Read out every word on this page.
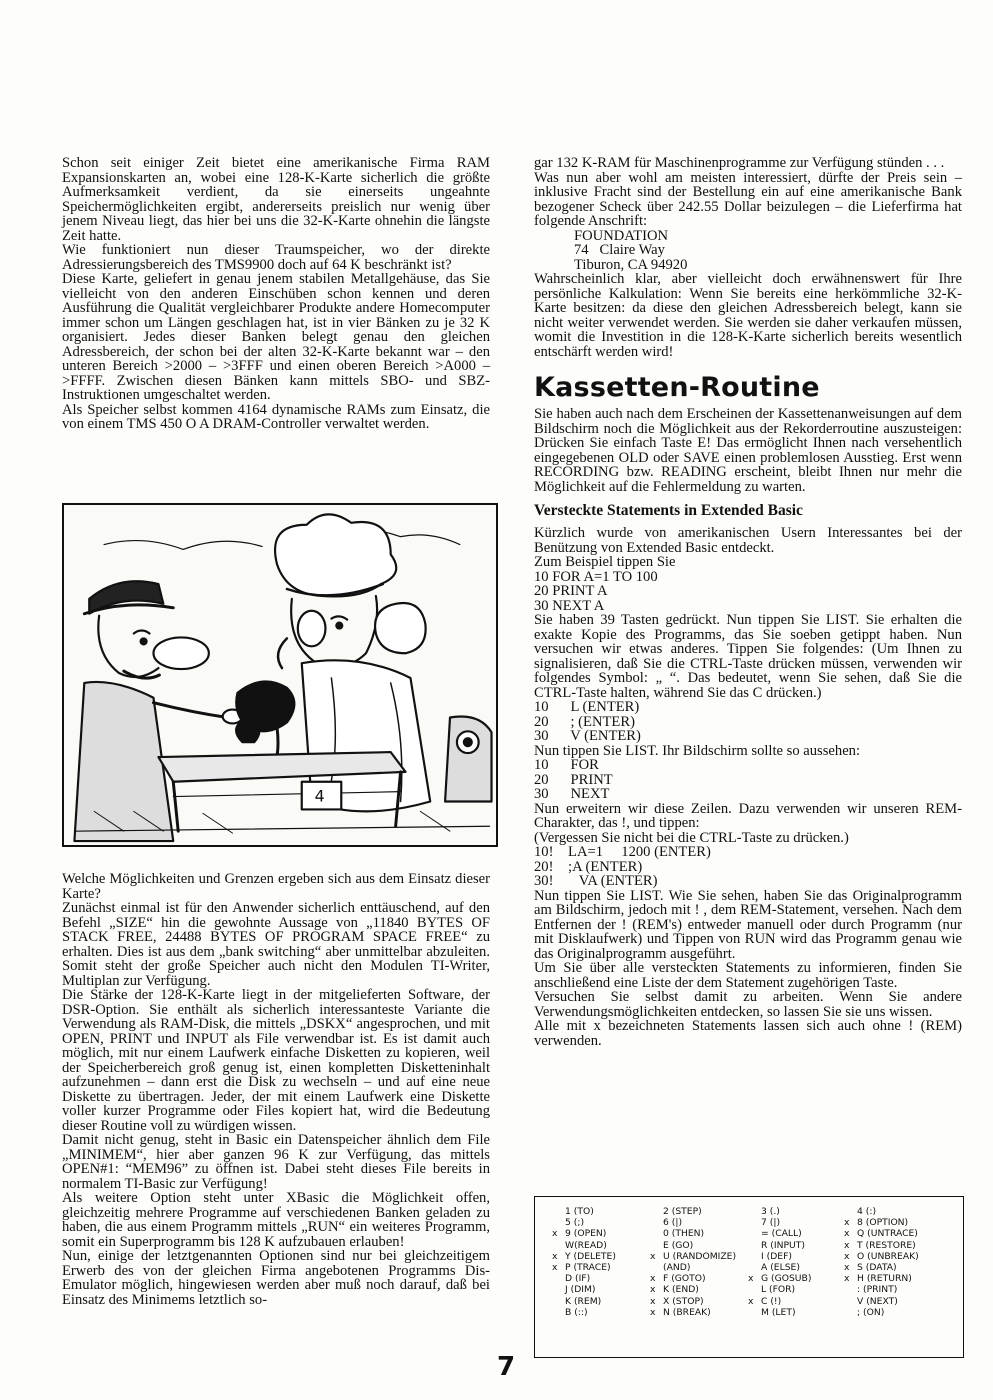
Schon seit einiger Zeit bietet eine amerikanische Firma RAM Expansionskarten an, wobei eine 128-K-Karte sicherlich die größte Aufmerksamkeit verdient, da sie einerseits ungeahnte Speichermöglichkeiten ergibt, andererseits preislich nur wenig über jenem Niveau liegt, das hier bei uns die 32-K-Karte ohnehin die längste Zeit hatte.

Wie funktioniert nun dieser Traumspeicher, wo der direkte Adressierungsbereich des TMS9900 doch auf 64 K beschränkt ist?

Diese Karte, geliefert in genau jenem stabilen Metallgehäuse, das Sie vielleicht von den anderen Einschüben schon kennen und deren Ausführung die Qualität vergleichbarer Produkte andere Homecomputer immer schon um Längen geschlagen hat, ist in vier Bänken zu je 32 K organisiert. Jedes dieser Banken belegt genau den gleichen Adressbereich, der schon bei der alten 32-K-Karte bekannt war – den unteren Bereich >2000 – >3FFF und einen oberen Bereich >A000 – >FFFF. Zwischen diesen Bänken kann mittels SBO- und SBZ-Instruktionen umgeschaltet werden.

Als Speicher selbst kommen 4164 dynamische RAMs zum Einsatz, die von einem TMS 450 O A DRAM-Controller verwaltet werden.

4

Welche Möglichkeiten und Grenzen ergeben sich aus dem Einsatz dieser Karte?

Zunächst einmal ist für den Anwender sicherlich enttäuschend, auf den Befehl „SIZE“ hin die gewohnte Aussage von „11840 BYTES OF STACK FREE, 24488 BYTES OF PROGRAM SPACE FREE“ zu erhalten. Dies ist aus dem „bank switching“ aber unmittelbar abzuleiten. Somit steht der große Speicher auch nicht den Modulen TI-Writer, Multiplan zur Verfügung.

Die Stärke der 128-K-Karte liegt in der mitgelieferten Software, der DSR-Option. Sie enthält als sicherlich interessanteste Variante die Verwendung als RAM-Disk, die mittels „DSKX“ angesprochen, und mit OPEN, PRINT und INPUT als File verwendbar ist. Es ist damit auch möglich, mit nur einem Laufwerk einfache Disketten zu kopieren, weil der Speicherbereich groß genug ist, einen kompletten Disketteninhalt aufzunehmen – dann erst die Disk zu wechseln – und auf eine neue Diskette zu übertragen. Jeder, der mit einem Laufwerk eine Diskette voller kurzer Programme oder Files kopiert hat, wird die Bedeutung dieser Routine voll zu würdigen wissen.

Damit nicht genug, steht in Basic ein Datenspeicher ähnlich dem File „MINIMEM“, hier aber ganzen 96 K zur Verfügung, das mittels OPEN#1: “MEM96” zu öffnen ist. Dabei steht dieses File bereits in normalem TI-Basic zur Verfügung!

Als weitere Option steht unter XBasic die Möglichkeit offen, gleichzeitig mehrere Programme auf verschiedenen Banken geladen zu haben, die aus einem Programm mittels „RUN“ ein weiteres Programm, somit ein Superprogramm bis 128 K aufzubauen erlauben!

Nun, einige der letztgenannten Optionen sind nur bei gleichzeitigem Erwerb des von der gleichen Firma angebotenen Programms Dis-Emulator möglich, hingewiesen werden aber muß noch darauf, daß bei Einsatz des Minimems letztlich so-

gar 132 K-RAM für Maschinenprogramme zur Verfügung stünden . . .

Was nun aber wohl am meisten interessiert, dürfte der Preis sein – inklusive Fracht sind der Bestellung ein auf eine amerikanische Bank bezogener Scheck über 242.55 Dollar beizulegen – die Lieferfirma hat folgende Anschrift:

FOUNDATION
74   Claire Way
Tiburon, CA 94920

Wahrscheinlich klar, aber vielleicht doch erwähnenswert für Ihre persönliche Kalkulation: Wenn Sie bereits eine herkömmliche 32-K-Karte besitzen: da diese den gleichen Adressbereich belegt, kann sie nicht weiter verwendet werden. Sie werden sie daher verkaufen müssen, womit die Investition in die 128-K-Karte sicherlich bereits wesentlich entschärft werden wird!

Kassetten-Routine

Sie haben auch nach dem Erscheinen der Kassettenanweisungen auf dem Bildschirm noch die Möglichkeit aus der Rekorderroutine auszusteigen: Drücken Sie einfach Taste E! Das ermöglicht Ihnen nach versehentlich eingegebenen OLD oder SAVE einen problemlosen Ausstieg. Erst wenn RECORDING bzw. READING erscheint, bleibt Ihnen nur mehr die Möglichkeit auf die Fehlermeldung zu warten.

Versteckte Statements in Extended Basic

Kürzlich wurde von amerikanischen Usern Interessantes bei der Benützung von Extended Basic entdeckt.

Zum Beispiel tippen Sie

10 FOR A=1 TO 100
20 PRINT A
30 NEXT A

Sie haben 39 Tasten gedrückt. Nun tippen Sie LIST. Sie erhalten die exakte Kopie des Programms, das Sie soeben getippt haben. Nun versuchen wir etwas anderes. Tippen Sie folgendes: (Um Ihnen zu signalisieren, daß Sie die CTRL-Taste drücken müssen, verwenden wir folgendes Symbol: „ “. Das bedeutet, wenn Sie sehen, daß Sie die CTRL-Taste halten, während Sie das C drücken.)

10      L (ENTER)
20      ; (ENTER)
30      V (ENTER)

Nun tippen Sie LIST. Ihr Bildschirm sollte so aussehen:

10      FOR
20      PRINT
30      NEXT

Nun erweitern wir diese Zeilen. Dazu verwenden wir unseren REM-Charakter, das !, und tippen:

(Vergessen Sie nicht bei die CTRL-Taste zu drücken.)

10!    LA=1     1200 (ENTER)
20!    ;A (ENTER)
30!       VA (ENTER)

Nun tippen Sie LIST. Wie Sie sehen, haben Sie das Originalprogramm am Bildschirm, jedoch mit ! , dem REM-Statement, versehen. Nach dem Entfernen der ! (REM's) entweder manuell oder durch Programm (nur mit Disklaufwerk) und Tippen von RUN wird das Programm genau wie das Originalprogramm ausgeführt.

Um Sie über alle versteckten Statements zu informieren, finden Sie anschließend eine Liste der dem Statement zugehörigen Taste.

Versuchen Sie selbst damit zu arbeiten. Wenn Sie andere Verwendungsmöglichkeiten entdecken, so lassen Sie sie uns wissen.

Alle mit x bezeichneten Statements lassen sich auch ohne ! (REM) verwenden.

1 (TO)	2 (STEP)	3 (.)	4 (:)
5 (;)	6 (|)	7 (|)	x 8 (OPTION)
x 9 (OPEN)	0 (THEN)	= (CALL)	x Q (UNTRACE)
W(READ)	E (GO)	R (INPUT)	x T (RESTORE)
x Y (DELETE)	x U (RANDOMIZE)	I (DEF)	x O (UNBREAK)
x P (TRACE)	(AND)	A (ELSE)	x S (DATA)
D (IF)	x F (GOTO)	x G (GOSUB)	x H (RETURN)
J (DIM)	x K (END)	L (FOR)	: (PRINT)
K (REM)	x X (STOP)	x C (!)	V (NEXT)
B (::)	x N (BREAK)	M (LET)	; (ON)
7
